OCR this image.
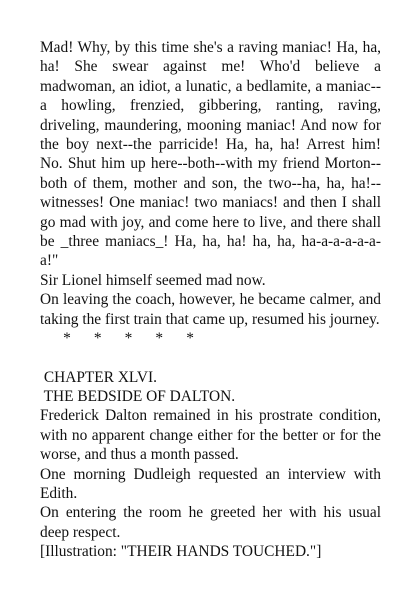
Mad! Why, by this time she's a raving maniac! Ha, ha, ha! She swear against me! Who'd believe a madwoman, an idiot, a lunatic, a bedlamite, a maniac--a howling, frenzied, gibbering, ranting, raving, driveling, maundering, mooning maniac! And now for the boy next--the parricide! Ha, ha, ha! Arrest him! No. Shut him up here--both--with my friend Morton--both of them, mother and son, the two--ha, ha, ha!--witnesses! One maniac! two maniacs! and then I shall go mad with joy, and come here to live, and there shall be _three maniacs_! Ha, ha, ha! ha, ha, ha-a-a-a-a-a-a!"

Sir Lionel himself seemed mad now.

On leaving the coach, however, he became calmer, and taking the first train that came up, resumed his journey.

*      *      *      *      *

CHAPTER XLVI.

THE BEDSIDE OF DALTON.

Frederick Dalton remained in his prostrate condition, with no apparent change either for the better or for the worse, and thus a month passed.

One morning Dudleigh requested an interview with Edith.

On entering the room he greeted her with his usual deep respect.

[Illustration: "THEIR HANDS TOUCHED."]
